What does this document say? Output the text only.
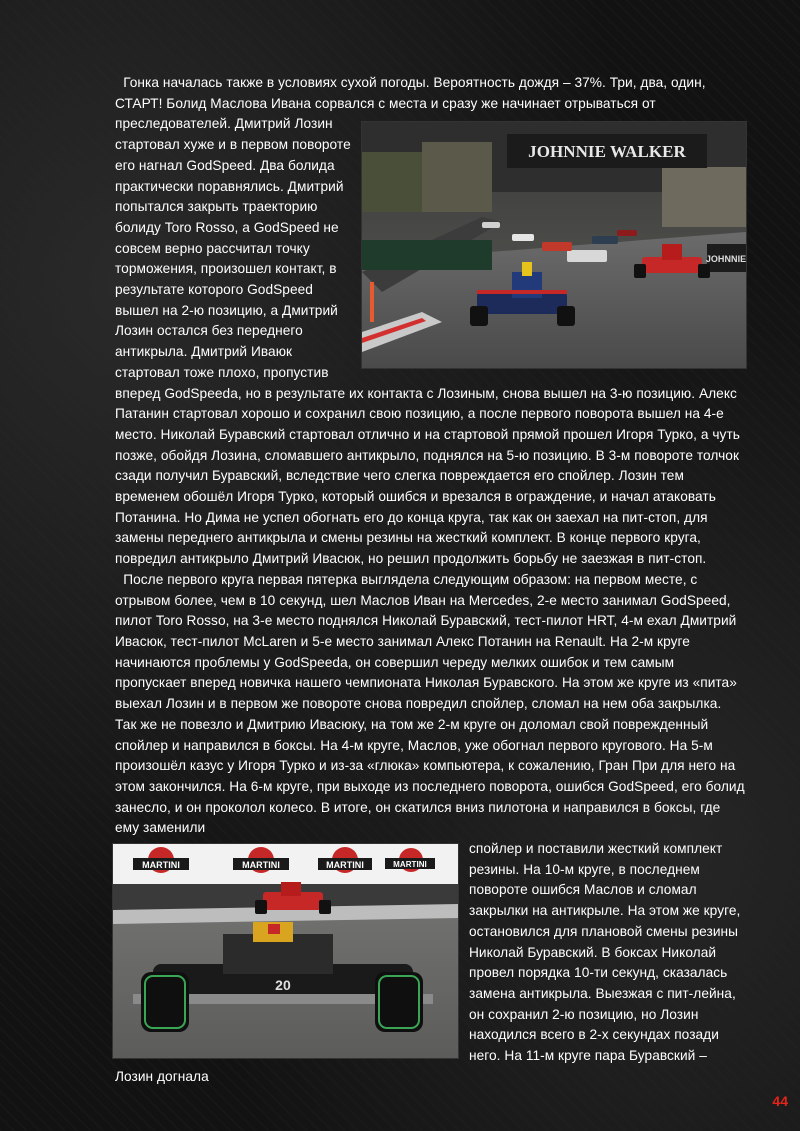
Гонка началась также в условиях сухой погоды. Вероятность дождя – 37%. Три, два, один, СТАРТ! Болид Маслова Ивана сорвался с места и сразу же начинает отрываться от

JOHNNIE WALKER
JOHNNIE

преследователей. Дмитрий Лозин стартовал хуже и в первом повороте его нагнал GodSpeed. Два болида практически поравнялись. Дмитрий попытался закрыть траекторию болиду Toro Rosso, а GodSpeed не совсем верно рассчитал точку торможения, произошел контакт, в результате которого GodSpeed вышел на 2-ю позицию, а Дмитрий Лозин остался без переднего антикрыла. Дмитрий Иваюк стартовал тоже плохо, пропустив вперед GodSpeeda, но в результате их контакта с Лозиным, снова вышел на 3-ю позицию. Алекс Патанин стартовал хорошо и сохранил свою позицию, а после первого поворота вышел на 4-е место. Николай Буравский стартовал отлично и на стартовой прямой прошел Игоря Турко, а чуть позже, обойдя Лозина, сломавшего антикрыло, поднялся на 5-ю позицию. В 3-м повороте толчок сзади получил Буравский, вследствие чего слегка повреждается его спойлер. Лозин тем временем обошёл Игоря Турко, который ошибся и врезался в ограждение, и начал атаковать Потанина. Но Дима не успел обогнать его до конца круга, так как он заехал на пит-стоп, для замены переднего антикрыла и смены резины на жесткий комплект. В конце первого круга, повредил антикрыло Дмитрий Ивасюк, но решил продолжить борьбу не заезжая в пит-стоп.

После первого круга первая пятерка выглядела следующим образом: на первом месте, с отрывом более, чем в 10 секунд, шел Маслов Иван на Mercedes, 2-е место занимал GodSpeed, пилот Toro Rosso, на 3-е место поднялся Николай Буравский, тест-пилот HRT, 4-м ехал Дмитрий Ивасюк, тест-пилот McLaren и 5-е место занимал Алекс Потанин на Renault. На 2-м круге начинаются проблемы у GodSpeeda, он совершил череду мелких ошибок и тем самым пропускает вперед новичка нашего чемпионата Николая Буравского. На этом же круге из «пита» выехал Лозин и в первом же повороте снова повредил спойлер, сломал на нем оба закрылка. Так же не повезло и Дмитрию Ивасюку, на том же 2-м круге он доломал свой поврежденный спойлер и направился в боксы. На 4-м круге, Маслов, уже обогнал первого кругового. На 5-м произошёл казус у Игоря Турко и из-за «глюка» компьютера, к сожалению, Гран При для него на этом закончился. На 6-м круге, при выходе из последнего поворота, ошибся GodSpeed, его болид занесло, и он проколол колесо. В итоге, он скатился вниз пилотона и направился в боксы, где ему заменили

MARTINI	MARTINI	MARTINI	MARTINI
20

спойлер и поставили жесткий комплект резины. На 10-м круге, в последнем повороте ошибся Маслов и сломал закрылки на антикрыле. На этом же круге, остановился для плановой смены резины Николай Буравский. В боксах Николай провел порядка 10-ти секунд, сказалась замена антикрыла. Выезжая с пит-лейна, он сохранил 2-ю позицию, но Лозин находился всего в 2-х секундах позади него. На 11-м круге пара Буравский – Лозин догнала

44
